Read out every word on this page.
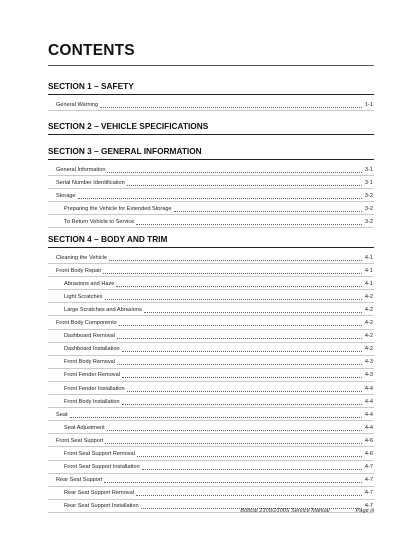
CONTENTS
SECTION 1 – SAFETY
General Warning	1-1
SECTION 2 – VEHICLE SPECIFICATIONS
SECTION 3 – GENERAL INFORMATION
General Information	3-1
Serial Number Identification	3-1
Storage	3-2
Preparing the Vehicle for Extended Storage	3-2
To Return Vehicle to Service	3-2
SECTION 4 – BODY AND TRIM
Cleaning the Vehicle	4-1
Front Body Repair	4-1
Abrasions and Haze	4-1
Light Scratches	4-2
Large Scratches and Abrasions	4-2
Front Body Components	4-2
Dashboard Removal	4-2
Dashboard Installation	4-2
Front Body Removal	4-3
Front Fender Removal	4-3
Front Fender Installation	4-4
Front Body Installation	4-4
Seat	4-4
Seat Adjustment	4-4
Front Seat Support	4-6
Front Seat Support Removal	4-6
Front Seat Support Installation	4-7
Rear Seat Support	4-7
Rear Seat Support Removal	4-7
Rear Seat Support Installation	4-7
Bobcat 2100/2100S Service Manual	Page iii
